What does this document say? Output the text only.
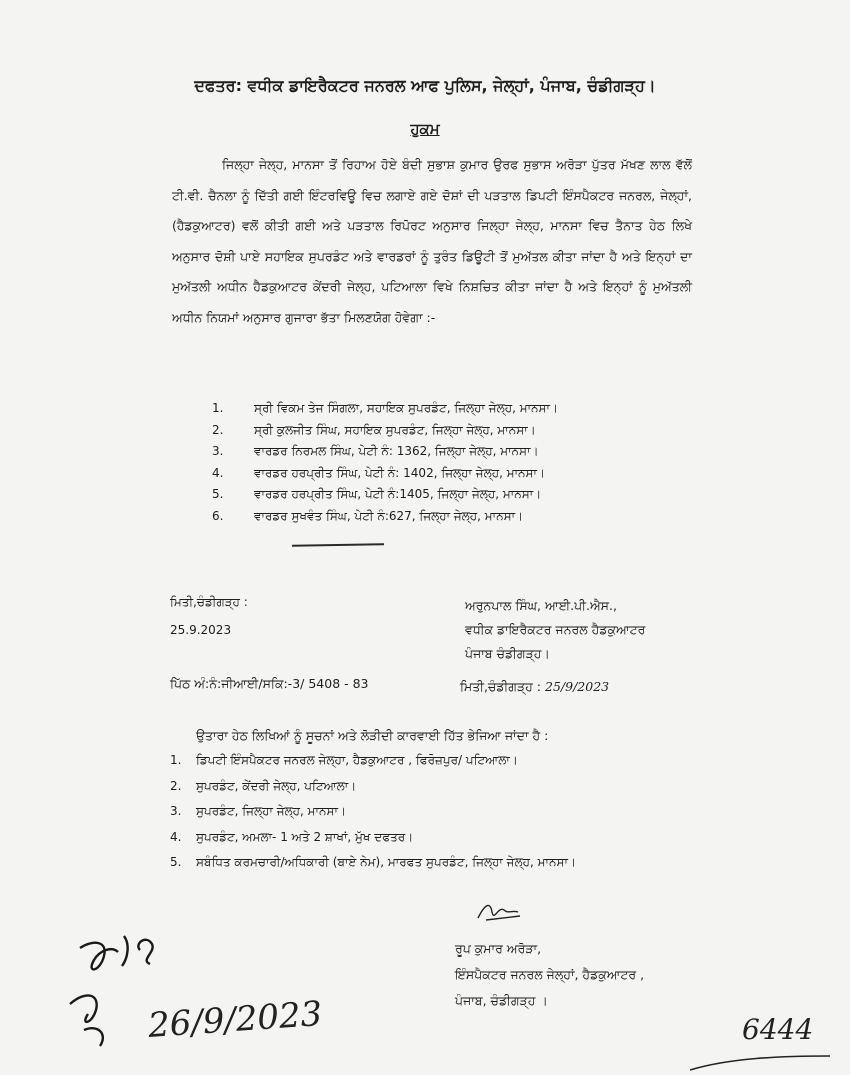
ਦਫਤਰ: ਵਧੀਕ ਡਾਇਰੈਕਟਰ ਜਨਰਲ ਆਫ ਪੁਲਿਸ, ਜੇਲ੍ਹਾਂ, ਪੰਜਾਬ, ਚੰਡੀਗੜ੍ਹ।
ਹੁਕਮ
ਜਿਲ੍ਹਾ ਜੇਲ੍ਹ, ਮਾਨਸਾ ਤੋਂ ਰਿਹਾਅ ਹੋਏ ਬੰਦੀ ਸੁਭਾਸ਼ ਕੁਮਾਰ ਉਰਫ ਸੁਭਾਸ ਅਰੋੜਾ ਪੁੱਤਰ ਮੱਖਣ ਲਾਲ ਵੱਲੋਂ ਟੀ.ਵੀ. ਚੈਨਲਾ ਨੂੰ ਦਿੱਤੀ ਗਈ ਇੰਟਰਵਿਊ ਵਿਚ ਲਗਾਏ ਗਏ ਦੋਸ਼ਾਂ ਦੀ ਪੜਤਾਲ ਡਿਪਟੀ ਇੰਸਪੈਕਟਰ ਜਨਰਲ, ਜੇਲ੍ਹਾਂ, (ਹੈਡਕੁਆਟਰ) ਵਲੋਂ ਕੀਤੀ ਗਈ ਅਤੇ ਪੜਤਾਲ ਰਿਪੋਰਟ ਅਨੁਸਾਰ ਜਿਲ੍ਹਾ ਜੇਲ੍ਹ, ਮਾਨਸਾ ਵਿਚ ਤੈਨਾਤ ਹੇਠ ਲਿਖੇ ਅਨੁਸਾਰ ਦੋਸ਼ੀ ਪਾਏ ਸਹਾਇਕ ਸੁਪਰਡੰਟ ਅਤੇ ਵਾਰਡਰਾਂ ਨੂੰ ਤੁਰੰਤ ਡਿਊਟੀ ਤੋਂ ਮੁਅੱਤਲ ਕੀਤਾ ਜਾਂਦਾ ਹੈ ਅਤੇ ਇਨ੍ਹਾਂ ਦਾ ਮੁਅੱਤਲੀ ਅਧੀਨ ਹੈਡਕੁਆਟਰ ਕੇਂਦਰੀ ਜੇਲ੍ਹ, ਪਟਿਆਲਾ ਵਿਖੇ ਨਿਸ਼ਚਿਤ ਕੀਤਾ ਜਾਂਦਾ ਹੈ ਅਤੇ ਇਨ੍ਹਾਂ ਨੂੰ ਮੁਅੱਤਲੀ ਅਧੀਨ ਨਿਯਮਾਂ ਅਨੁਸਾਰ ਗੁਜਾਰਾ ਭੱਤਾ ਮਿਲਣਯੋਗ ਹੋਵੇਗਾ :-
1.	ਸ੍ਰੀ ਵਿਕਮ ਤੇਜ ਸਿੰਗਲਾ, ਸਹਾਇਕ ਸੁਪਰਡੰਟ, ਜਿਲ੍ਹਾ ਜੇਲ੍ਹ, ਮਾਨਸਾ।
2.	ਸ੍ਰੀ ਕੁਲਜੀਤ ਸਿੰਘ, ਸਹਾਇਕ ਸੁਪਰਡੰਟ, ਜਿਲ੍ਹਾ ਜੇਲ੍ਹ, ਮਾਨਸਾ।
3.	ਵਾਰਡਰ ਨਿਰਮਲ ਸਿੰਘ, ਪੇਟੀ ਨੰ: 1362, ਜਿਲ੍ਹਾ ਜੇਲ੍ਹ, ਮਾਨਸਾ।
4.	ਵਾਰਡਰ ਹਰਪ੍ਰੀਤ ਸਿੰਘ, ਪੇਟੀ ਨੰ: 1402, ਜਿਲ੍ਹਾ ਜੇਲ੍ਹ, ਮਾਨਸਾ।
5.	ਵਾਰਡਰ ਹਰਪ੍ਰੀਤ ਸਿੰਘ, ਪੇਟੀ ਨੰ:1405, ਜਿਲ੍ਹਾ ਜੇਲ੍ਹ, ਮਾਨਸਾ।
6.	ਵਾਰਡਰ ਸੁਖਵੰਤ ਸਿੰਘ, ਪੇਟੀ ਨੰ:627, ਜਿਲ੍ਹਾ ਜੇਲ੍ਹ, ਮਾਨਸਾ।
ਮਿਤੀ,ਚੰਡੀਗੜ੍ਹ :
25.9.2023
ਅਰੁਨਪਾਲ ਸਿੰਘ, ਆਈ.ਪੀ.ਐਸ.,
ਵਧੀਕ ਡਾਇਰੈਕਟਰ ਜਨਰਲ ਹੈਡਕੁਆਟਰ
ਪੰਜਾਬ ਚੰਡੀਗੜ੍ਹ।
ਪਿੱਠ ਅੰ:ਨੰ:ਜੀਆਈ/ਸਕਿ:-3/ 5408 - 83	ਮਿਤੀ,ਚੰਡੀਗੜ੍ਹ : 25/9/2023
ਉਤਾਰਾ ਹੇਠ ਲਿਖਿਆਂ ਨੂੰ ਸੂਚਨਾਂ ਅਤੇ ਲੋੜੀਦੀ ਕਾਰਵਾਈ ਹਿੱਤ ਭੇਜਿਆ ਜਾਂਦਾ ਹੈ :
1. ਡਿਪਟੀ ਇੰਸਪੈਕਟਰ ਜਨਰਲ ਜੇਲ੍ਹਾ, ਹੈਡਕੁਆਟਰ , ਫਿਰੋਜ਼ਪੁਰ/ ਪਟਿਆਲਾ।
2. ਸੁਪਰਡੰਟ, ਕੇਂਦਰੀ ਜੇਲ੍ਹ, ਪਟਿਆਲਾ।
3. ਸੁਪਰਡੰਟ, ਜਿਲ੍ਹਾ ਜੇਲ੍ਹ, ਮਾਨਸਾ।
4. ਸੁਪਰਡੰਟ, ਅਮਲਾ- 1 ਅਤੇ 2 ਸ਼ਾਖਾਂ, ਮੁੱਖ ਦਫਤਰ।
5. ਸਬੰਧਿਤ ਕਰਮਚਾਰੀ/ਅਧਿਕਾਰੀ (ਬਾਏ ਨੇਮ), ਮਾਰਫਤ ਸੁਪਰਡੰਟ, ਜਿਲ੍ਹਾ ਜੇਲ੍ਹ, ਮਾਨਸਾ।
ਰੂਪ ਕੁਮਾਰ ਅਰੋੜਾ,
ਇੰਸਪੈਕਟਰ ਜਨਰਲ ਜੇਲ੍ਹਾਂ, ਹੈਡਕੁਆਟਰ ,
ਪੰਜਾਬ, ਚੰਡੀਗੜ੍ਹ ।
26/9/2023	6444
